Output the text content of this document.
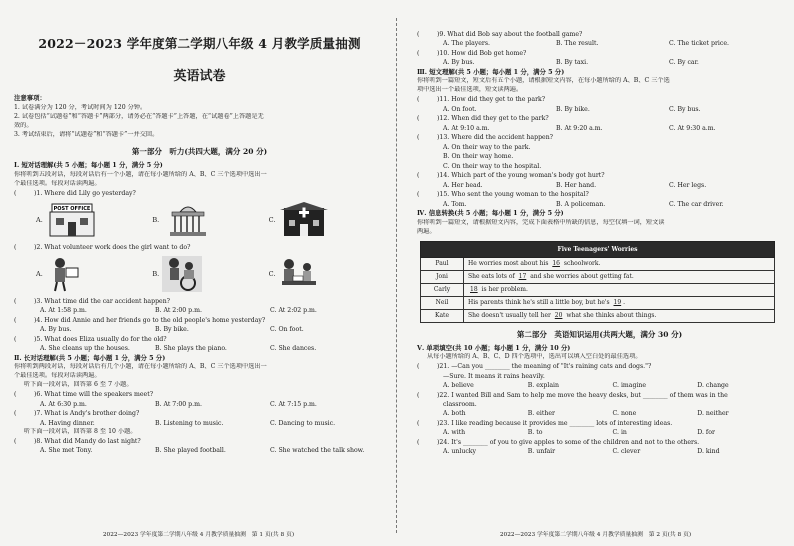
2022－2023 学年度第二学期八年级 4 月教学质量抽测
英语试卷
注意事项：
1. 试卷满分为 120 分，考试时间为 120 分钟。
2. 试卷包括“试题卷”和“答题卡”两部分，请务必在“答题卡”上答题，在“试题卷”上答题是无
效的。
3. 考试结束后，请将“试题卷”和“答题卡”一并交回。
第一部分　听力(共四大题，满分 20 分)
Ⅰ. 短对话理解(共 5 小题；每小题 1 分，满分 5 分)
你将听到五段对话，每段对话后有一个小题，请在每小题所给的 A、B、C 三个选项中选出一
个最佳选项。每段对话读两遍。
(	)1. Where did Lily go yesterday?
A.
POST OFFICE
B.	C.
(	)2. What volunteer work does the girl want to do?
A.	B.	C.
(	)3. What time did the car accident happen?
A. At 1:58 p.m.	B. At 2:00 p.m.	C. At 2:02 p.m.
(	)4. How did Annie and her friends go to the old people's home yesterday?
A. By bus.	B. By bike.	C. On foot.
(	)5. What does Eliza usually do for the old?
A. She cleans up the houses.	B. She plays the piano.	C. She dances.
Ⅱ. 长对话理解(共 5 小题；每小题 1 分，满分 5 分)
你将听到两段对话，每段对话后有几个小题，请在每小题所给的 A、B、C 三个选项中选出一
个最佳选项。每段对话读两遍。
听下面一段对话，回答第 6 至 7 小题。
(	)6. What time will the speakers meet?
A. At 6:30 p.m.	B. At 7:00 p.m.	C. At 7:15 p.m.
(	)7. What is Andy's brother doing?
A. Having dinner.	B. Listening to music.	C. Dancing to music.
听下面一段对话，回答第 8 至 10 小题。
(	)8. What did Mandy do last night?
A. She met Tony.	B. She played football.	C. She watched the talk show.
2022—2023 学年度第二学期八年级 4 月教学质量抽测　第 1 页(共 8 页)
(	)9. What did Bob say about the football game?
A. The players.	B. The result.	C. The ticket price.
(	)10. How did Bob get home?
A. By bus.	B. By taxi.	C. By car.
Ⅲ. 短文理解(共 5 小题；每小题 1 分，满分 5 分)
你将听到一篇短文，短文后有五个小题，请根据短文内容，在每小题所给的 A、B、C 三个选
项中选出一个最佳选项，短文读两遍。
(	)11. How did they get to the park?
A. On foot.	B. By bike.	C. By bus.
(	)12. When did they get to the park?
A. At 9:10 a.m.	B. At 9:20 a.m.	C. At 9:30 a.m.
(	)13. Where did the accident happen?
A. On their way to the park.
B. On their way home.
C. On their way to the hospital.
(	)14. Which part of the young woman's body got hurt?
A. Her head.	B. Her hand.	C. Her legs.
(	)15. Who sent the young woman to the hospital?
A. Tom.	B. A policeman.	C. The car driver.
Ⅳ. 信息转换(共 5 小题；每小题 1 分，满分 5 分)
你将听到一篇短文，请根据短文内容，完成下面表格中所缺的信息，每空仅填一词，短文读
两遍。
Five Teenagers' Worries	
Paul	He worries most about his 16 schoolwork.
Joni	She eats lots of 17 and she worries about getting fat.
Carly	18 is her problem.
Neil	His parents think he's still a little boy, but he's 19 .
Kate	She doesn't usually tell her 20 what she thinks about things.
第二部分　英语知识运用(共两大题，满分 30 分)
Ⅴ. 单项填空(共 10 小题；每小题 1 分，满分 10 分)
从每小题所给的 A、B、C、D 四个选项中，选出可以填入空白处的最佳选项。
(	)21. —Can you ________ the meaning of "It's raining cats and dogs."?
—Sure. It means it rains heavily.
A. believe	B. explain	C. imagine	D. change
(	)22. I wanted Bill and Sam to help me move the heavy desks, but ________ of them was in the
classroom.
A. both	B. either	C. none	D. neither
(	)23. I like reading because it provides me ________ lots of interesting ideas.
A. with	B. to	C. in	D. for
(	)24. It's ________ of you to give apples to some of the children and not to the others.
A. unlucky	B. unfair	C. clever	D. kind
2022—2023 学年度第二学期八年级 4 月教学质量抽测　第 2 页(共 8 页)
